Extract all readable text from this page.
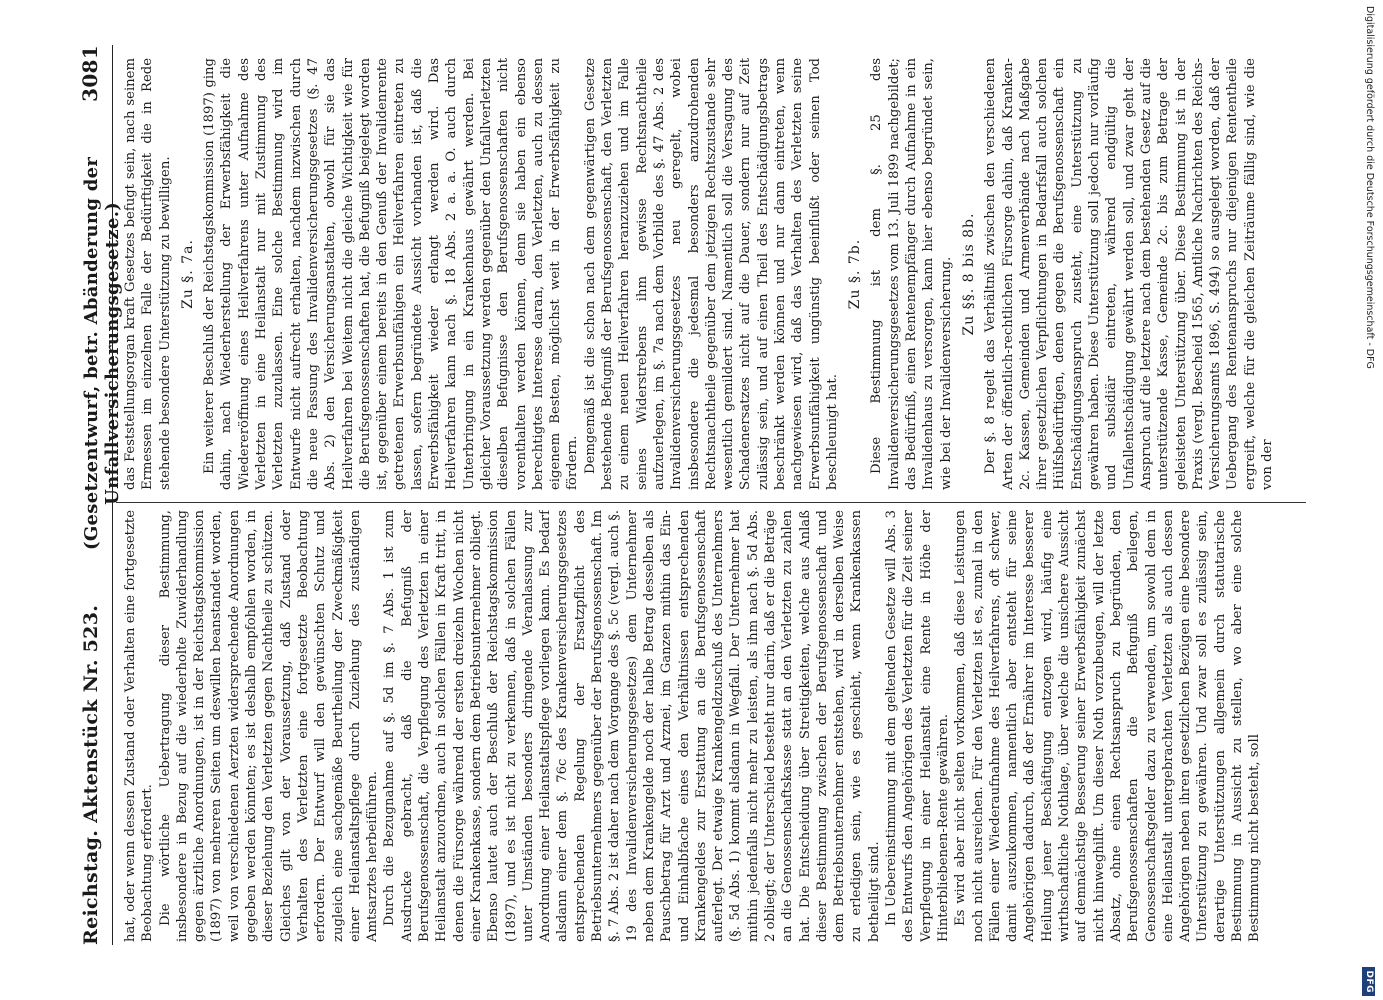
Reichstag. Aktenstück Nr. 523.
(Gesetzentwurf, betr. Abänderung der Unfallversicherungsgesetze.)
3081

hat, oder wenn dessen Zustand oder Verhalten eine fortgesetzte Beobachtung erfordert. Die wörtliche Uebertragung dieser Bestimmung, insbesondere in Bezug auf die wiederholte Zuwiderhandlung gegen ärztliche Anordnungen, ist in der Reichstagskommission (1897) von mehreren Seiten um deswillen beanstandet worden, weil von verschiedenen Aerzten widersprechende Anordnungen gegeben werden könnten; es ist deshalb empfohlen worden, in dieser Beziehung den Verletzten gegen Nachtheile zu schützen. Gleiches gilt von der Voraussetzung, daß Zustand oder Verhalten des Verletzten eine fortgesetzte Beobachtung erfordern. Der Entwurf will den gewünschten Schutz und zugleich eine sachgemäße Beurtheilung der Zweckmäßigkeit einer Heilanstaltspflege durch Zuziehung des zuständigen Amtsarztes herbeiführen. Durch die Bezugnahme auf §. 5d im §. 7 Abs. 1 ist zum Ausdrucke gebracht, daß die Befugniß der Berufsgenossenschaft, die Verpflegung des Verletzten in einer Heilanstalt anzuordnen, auch in solchen Fällen in Kraft tritt, in denen die Fürsorge während der ersten dreizehn Wochen nicht einer Krankenkasse, sondern dem Betriebsunternehmer obliegt. Ebenso lautet auch der Beschluß der Reichstagskommission (1897), und es ist nicht zu verkennen, daß in solchen Fällen unter Umständen besonders dringende Veranlassung zur Anordnung einer Heilanstaltspflege vorliegen kann. Es bedarf alsdann einer dem §. 76c des Krankenversicherungsgesetzes entsprechenden Regelung der Ersatzpflicht des Betriebsunternehmers gegenüber der Berufsgenossenschaft. Im §. 7 Abs. 2 ist daher nach dem Vorgange des §. 5c (vergl. auch §. 19 des Invalidenversicherungsgesetzes) dem Unternehmer neben dem Krankengelde noch der halbe Betrag desselben als Pauschbetrag für Arzt und Arznei, im Ganzen mithin das Ein- und Einhalbfache eines den Verhältnissen entsprechenden Krankengeldes zur Erstattung an die Berufsgenossenschaft auferlegt. Der etwaige Krankengeldzuschuß des Unternehmers (§. 5d Abs. 1) kommt alsdann in Wegfall. Der Unternehmer hat mithin jedenfalls nicht mehr zu leisten, als ihm nach §. 5d Abs. 2 obliegt; der Unterschied besteht nur darin, daß er die Beträge an die Genossenschaftskasse statt an den Verletzten zu zahlen hat. Die Entscheidung über Streitigkeiten, welche aus Anlaß dieser Bestimmung zwischen der Berufsgenossenschaft und dem Betriebsunternehmer entstehen, wird in derselben Weise zu erledigen sein, wie es geschieht, wenn Krankenkassen betheiligt sind. In Uebereinstimmung mit dem geltenden Gesetze will Abs. 3 des Entwurfs den Angehörigen des Verletzten für die Zeit seiner Verpflegung in einer Heilanstalt eine Rente in Höhe der Hinterbliebenen-Rente gewähren. Es wird aber nicht selten vorkommen, daß diese Leistungen noch nicht ausreichen. Für den Verletzten ist es, zumal in den Fällen einer Wiederaufnahme des Heilverfahrens, oft schwer, damit auszukommen, namentlich aber entsteht für seine Angehörigen dadurch, daß der Ernährer im Interesse besserer Heilung jener Beschäftigung entzogen wird, häufig eine wirthschaftliche Nothlage, über welche die unsichere Aussicht auf demnächstige Besserung seiner Erwerbsfähigkeit zunächst nicht hinweghilft. Um dieser Noth vorzubeugen, will der letzte Absatz, ohne einen Rechtsanspruch zu begründen, den Berufsgenossenschaften die Befugniß beilegen, Genossenschaftsgelder dazu zu verwenden, um sowohl dem in eine Heilanstalt untergebrachten Verletzten als auch dessen Angehörigen neben ihren gesetzlichen Bezügen eine besondere Unterstützung zu gewähren. Und zwar soll es zulässig sein, derartige Unterstützungen allgemein durch statutarische Bestimmung in Aussicht zu stellen, wo aber eine solche Bestimmung nicht besteht, soll

das Feststellungsorgan kraft Gesetzes befugt sein, nach seinem Ermessen im einzelnen Falle der Bedürftigkeit die in Rede stehende besondere Unterstützung zu bewilligen. Zu §. 7a. Ein weiterer Beschluß der Reichstagskommission (1897) ging dahin, nach Wiederherstellung der Erwerbsfähigkeit die Wiedereröffnung eines Heilverfahrens unter Aufnahme des Verletzten in eine Heilanstalt nur mit Zustimmung des Verletzten zuzulassen. Eine solche Bestimmung wird im Entwurfe nicht aufrecht erhalten, nachdem inzwischen durch die neue Fassung des Invalidenversicherungsgesetzes (§. 47 Abs. 2) den Versicherungsanstalten, obwohl für sie das Heilverfahren bei Weitem nicht die gleiche Wichtigkeit wie für die Berufsgenossenschaften hat, die Befugniß beigelegt worden ist, gegenüber einem bereits in den Genuß der Invalidenrente getretenen Erwerbsunfähigen ein Heilverfahren eintreten zu lassen, sofern begründete Aussicht vorhanden ist, daß die Erwerbsfähigkeit wieder erlangt werden wird. Das Heilverfahren kann nach §. 18 Abs. 2 a. a. O. auch durch Unterbringung in ein Krankenhaus gewährt werden. Bei gleicher Voraussetzung werden gegenüber den Unfallverletzten dieselben Befugnisse den Berufsgenossenschaften nicht vorenthalten werden können, denn sie haben ein ebenso berechtigtes Interesse daran, den Verletzten, auch zu dessen eigenem Besten, möglichst weit in der Erwerbsfähigkeit zu fördern. Demgemäß ist die schon nach dem gegenwärtigen Gesetze bestehende Befugniß der Berufsgenossenschaft, den Verletzten zu einem neuen Heilverfahren heranzuziehen und im Falle seines Widerstrebens ihm gewisse Rechtsnachtheile aufzuerlegen, im §. 7a nach dem Vorbilde des §. 47 Abs. 2 des Invalidenversicherungsgesetzes neu geregelt, wobei insbesondere die jedesmal besonders anzudrohenden Rechtsnachtheile gegenüber dem jetzigen Rechtszustande sehr wesentlich gemildert sind. Namentlich soll die Versagung des Schadenersatzes nicht auf die Dauer, sondern nur auf Zeit zulässig sein, und auf einen Theil des Entschädigungsbetrags beschränkt werden können und nur dann eintreten, wenn nachgewiesen wird, daß das Verhalten des Verletzten seine Erwerbsunfähigkeit ungünstig beeinflußt oder seinen Tod beschleunigt hat.

Zu §. 7b. Diese Bestimmung ist dem §. 25 des Invalidenversicherungsgesetzes vom 13. Juli 1899 nachgebildet; das Bedürfniß, einen Rentenempfänger durch Aufnahme in ein Invalidenhaus zu versorgen, kann hier ebenso begründet sein, wie bei der Invalidenversicherung. Zu §§. 8 bis 8b. Der §. 8 regelt das Verhältniß zwischen den verschiedenen Arten der öffentlich-rechtlichen Fürsorge dahin, daß Kranken- 2c. Kassen, Gemeinden und Armenverbände nach Maßgabe ihrer gesetzlichen Verpflichtungen in Bedarfsfall auch solchen Hülfsbedürftigen, denen gegen die Berufsgenossenschaft ein Entschädigungsanspruch zusteht, eine Unterstützung zu gewähren haben. Diese Unterstützung soll jedoch nur vorläufig und subsidiär eintreten, während endgültig die Unfallentschädigung gewährt werden soll, und zwar geht der Anspruch auf die letztere nach dem bestehenden Gesetz auf die unterstützende Kasse, Gemeinde 2c. bis zum Betrage der geleisteten Unterstützung über. Diese Bestimmung ist in der Praxis (vergl. Bescheid 1565, Amtliche Nachrichten des Reichs-Versicherungsamts 1896, S. 494) so ausgelegt worden, daß der Uebergang des Rentenanspruchs nur diejenigen Rententheile ergreift, welche für die gleichen Zeiträume fällig sind, wie die von der

Digitalisierung gefördert durch die Deutsche Forschungsgemeinschaft - DFG
DFG
